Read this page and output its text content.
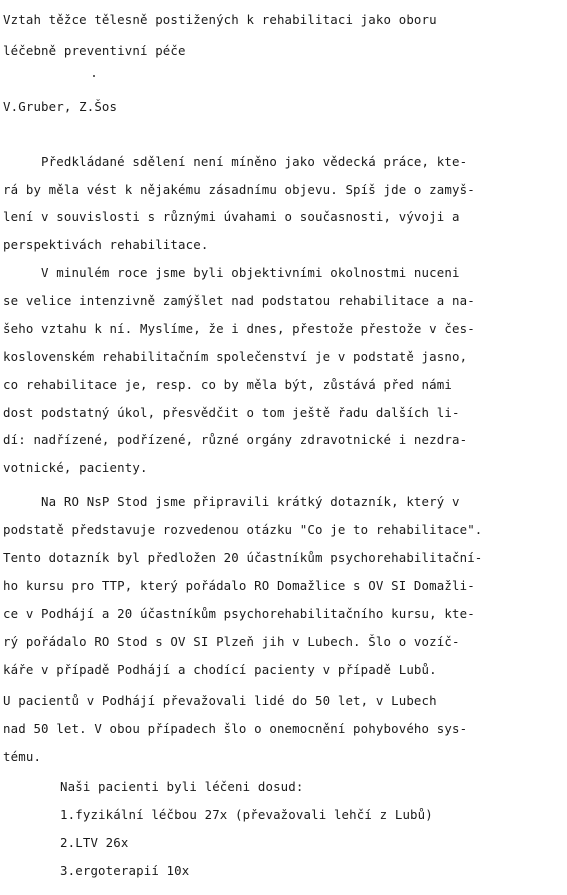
Vztah těžce tělesně postižených k rehabilitaci jako oboru
léčebně preventivní péče
V.Gruber, Z.Šos
Předkládané sdělení není míněno jako vědecká práce, kte-
rá by měla vést k nějakému zásadnímu objevu. Spíš jde o zamyš-
lení v souvislosti s různými úvahami o současnosti, vývoji a
perspektivách rehabilitace.
V minulém roce jsme byli objektivními okolnostmi nuceni
se velice intenzivně zamýšlet nad podstatou rehabilitace a na-
šeho vztahu k ní. Myslíme, že i dnes, přestože přestože v čes-
koslovenském rehabilitačním společenství je v podstatě jasno,
co rehabilitace je, resp. co by měla být, zůstává před námi
dost podstatný úkol, přesvědčit o tom ještě řadu dalších li-
dí: nadřízené, podřízené, různé orgány zdravotnické i nezdra-
votnické, pacienty.
Na RO NsP Stod jsme připravili krátký dotazník, který v
podstatě představuje rozvedenou otázku "Co je to rehabilitace".
Tento dotazník byl předložen 20 účastníkům psychorehabilitační-
ho kursu pro TTP, který pořádalo RO Domažlice s OV SI Domažli-
ce v Podhájí a 20 účastníkům psychorehabilitačního kursu, kte-
rý pořádalo RO Stod s OV SI Plzeň jih v Lubech. Šlo o vozíč-
káře v případě Podhájí a chodící pacienty v případě Lubů.
U pacientů v Podhájí převažovali lidé do 50 let, v Lubech
nad 50 let. V obou případech šlo o onemocnění pohybového sys-
tému.
Naši pacienti byli léčeni dosud:
1.fyzikální léčbou 27x (převažovali lehčí z Lubů)
2.LTV 26x
3.ergoterapií 10x
